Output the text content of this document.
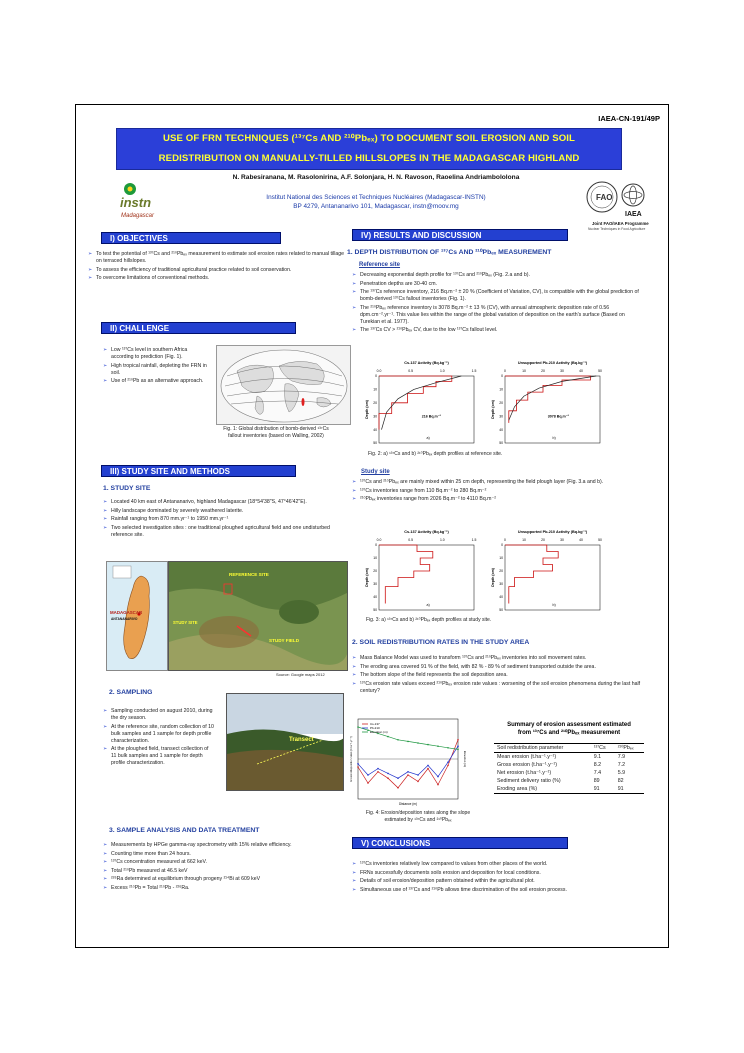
IAEA-CN-191/49P
USE OF FRN TECHNIQUES (¹³⁷Cs AND ²¹⁰Pbₑₓ) TO DOCUMENT SOIL EROSION AND SOIL
REDISTRIBUTION ON MANUALLY-TILLED HILLSLOPES IN THE MADAGASCAR HIGHLAND
instn
Madagascar
N. Rabesiranana, M. Rasolonirina, A.F. Solonjara, H. N. Ravoson, Raoelina Andriambololona
Institut National des Sciences et Techniques Nucléaires (Madagascar-INSTN)
BP 4279, Antananarivo 101, Madagascar, instn@moov.mg
FAO
IAEA
Joint FAO/IAEA Programme
Nuclear Techniques in Food Agriculture
I) OBJECTIVES
➢ To test the potential of ¹³⁷Cs and ²¹⁰Pbₑₓ measurement to estimate soil erosion rates related to manual tillage on terraced hillslopes.
➢ To assess the efficiency of traditional agricultural practice related to soil conservation.
➢ To overcome limitations of conventional methods.
II) CHALLENGE
➢ Low ¹³⁷Cs level in southern Africa according to prediction (Fig. 1).
➢ High tropical rainfall, depleting the FRN in soil.
➢ Use of ²¹⁰Pb as an alternative approach.
Fig. 1: Global distribution of bomb-derived ¹³⁷Cs
fallout inventories (based on Walling, 2002)
III) STUDY SITE AND METHODS
1. STUDY SITE
➢ Located 40 km east of Antananarivo, highland Madagascar (18°54'38"S, 47°46'42"E).
➢ Hilly landscape dominated by severely weathered laterite.
➢ Rainfall ranging from 870 mm.yr⁻¹ to 1950 mm.yr⁻¹
➢ Two selected investigation sites : one traditional ploughed agricultural field and one undisturbed reference site.
MADAGASCAR
ANTANANARIVO
REFERENCE SITE
STUDY FIELD
STUDY SITE
Source: Google maps 2012
2. SAMPLING
➢ Sampling conducted on august 2010, during the dry season.
➢ At the reference site, random collection of 10 bulk samples and 1 sample for depth profile characterization.
➢ At the ploughed field, transect collection of 11 bulk samples and 1 sample for depth profile characterization.
Transect
3. SAMPLE ANALYSIS AND DATA TREATMENT
➢ Measurements by HPGe gamma-ray spectrometry with 15% relative efficiency.
➢ Counting time more than 24 hours.
➢ ¹³⁷Cs concentration measured at 662 keV.
➢ Total ²¹⁰Pb measured at 46.5 keV
➢ ²²⁶Ra determined at equilibrium through progeny ²¹⁴Bi at 609 keV
➢ Excess ²¹⁰Pb = Total ²¹⁰Pb - ²²⁶Ra.
IV) RESULTS AND DISCUSSION
1. DEPTH DISTRIBUTION OF ¹³⁷Cs AND ²¹⁰Pbₑₓ MEASUREMENT
Reference site
➢ Decreasing exponential depth profile for ¹³⁷Cs and ²¹⁰Pbₑₓ (Fig. 2.a and b).
➢ Penetration depths are 30-40 cm.
➢ The ¹³⁷Cs reference inventory, 216 Bq.m⁻² ± 20 % (Coefficient of Variation, CV), is compatible with the global prediction of bomb-derived ¹³⁷Cs fallout inventories (Fig. 1).
➢ The ²¹⁰Pbₑₓ reference inventory is 3078 Bq.m⁻² ± 13 % (CV), with annual atmospheric deposition rate of 0.56 dpm.cm⁻².yr⁻¹. This value lies within the range of the global variation of deposition on the earth's surface (Based on Turekian et al. 1977).
➢ The ¹³⁷Cs CV > ²¹⁰Pbₑₓ CV, due to the low ¹³⁷Cs fallout level.
Cs-137 Activity (Bq.kg⁻¹)
0.0	0.5	1.0	1.5
0
10
20
30
40
50
Depth (cm)	216 Bq.m⁻²
a)
Unsupported Pb-210 Activity (Bq.kg⁻¹)
0	10	20	30	40	50
0
10
20
30
40
50
Depth (cm)	3078 Bq.m⁻²
b)
Fig. 2: a) ¹³⁷Cs and b) ²¹⁰Pbₑₓ depth profiles at reference site.
Study site
➢ ¹³⁷Cs and ²¹⁰Pbₑₓ are mainly mixed within 25 cm depth, representing the field plough layer (Fig. 3.a and b).
➢ ¹³⁷Cs inventories range from 110 Bq.m⁻² to 280 Bq.m⁻²
➢ ²¹⁰Pbₑₓ inventories range from 2026 Bq.m⁻² to 4110 Bq.m⁻²
Cs-137 Activity (Bq.kg⁻¹)
0.0	0.5	1.0	1.5
0
10
20
30
40
50
Depth (cm)
a)
Unsupported Pb-210 Activity (Bq.kg⁻¹)
0	10	20	30	40	50
0
10
20
30
40
50
Depth (cm)
b)
Fig. 3: a) ¹³⁷Cs and b) ²¹⁰Pbₑₓ depth profiles at study site.
2. SOIL REDISTRIBUTION RATES IN THE STUDY AREA
➢ Mass Balance Model was used to transform ¹³⁷Cs and ²¹⁰Pbₑₓ inventories into soil movement rates.
➢ The eroding area covered 91 % of the field, with 82 % - 89 % of sediment transported outside the area.
➢ The bottom slope of the field represents the soil deposition area.
➢ ¹³⁷Cs erosion rate values exceed ²¹⁰Pbₑₓ erosion rate values : worsening of the soil erosion phenomena during the last half century?
Cs-137
Pb-210
Elevation (m)
Distance (m)
Erosion/deposition rates (t.ha⁻¹.yr⁻¹)	Elevation (m)
Fig. 4: Erosion/deposition rates along the slope
estimated by ¹³⁷Cs and ²¹⁰Pbₑₓ
Summary of erosion assessment estimated
from ¹³⁷Cs and ²¹⁰Pbₑₓ measurement
Soil redistribution parameter	¹³⁷Cs	²¹⁰Pbₑₓ
Mean erosion (t.ha⁻¹.y⁻¹)	9.1	7.9
Gross erosion (t.ha⁻¹.y⁻¹)	8.2	7.2
Net erosion (t.ha⁻¹.y⁻¹)	7.4	5.9
Sediment delivery ratio (%)	89	82
Eroding area (%)	91	91
V) CONCLUSIONS
➢ ¹³⁷Cs inventories relatively low compared to values from other places of the world.
➢ FRNs successfully documents soils erosion and deposition for local conditions.
➢ Details of soil erosion/deposition pattern obtained within the agricultural plot.
➢ Simultaneous use of ¹³⁷Cs and ²¹⁰Pb allows time discrimination of the soil erosion process.
